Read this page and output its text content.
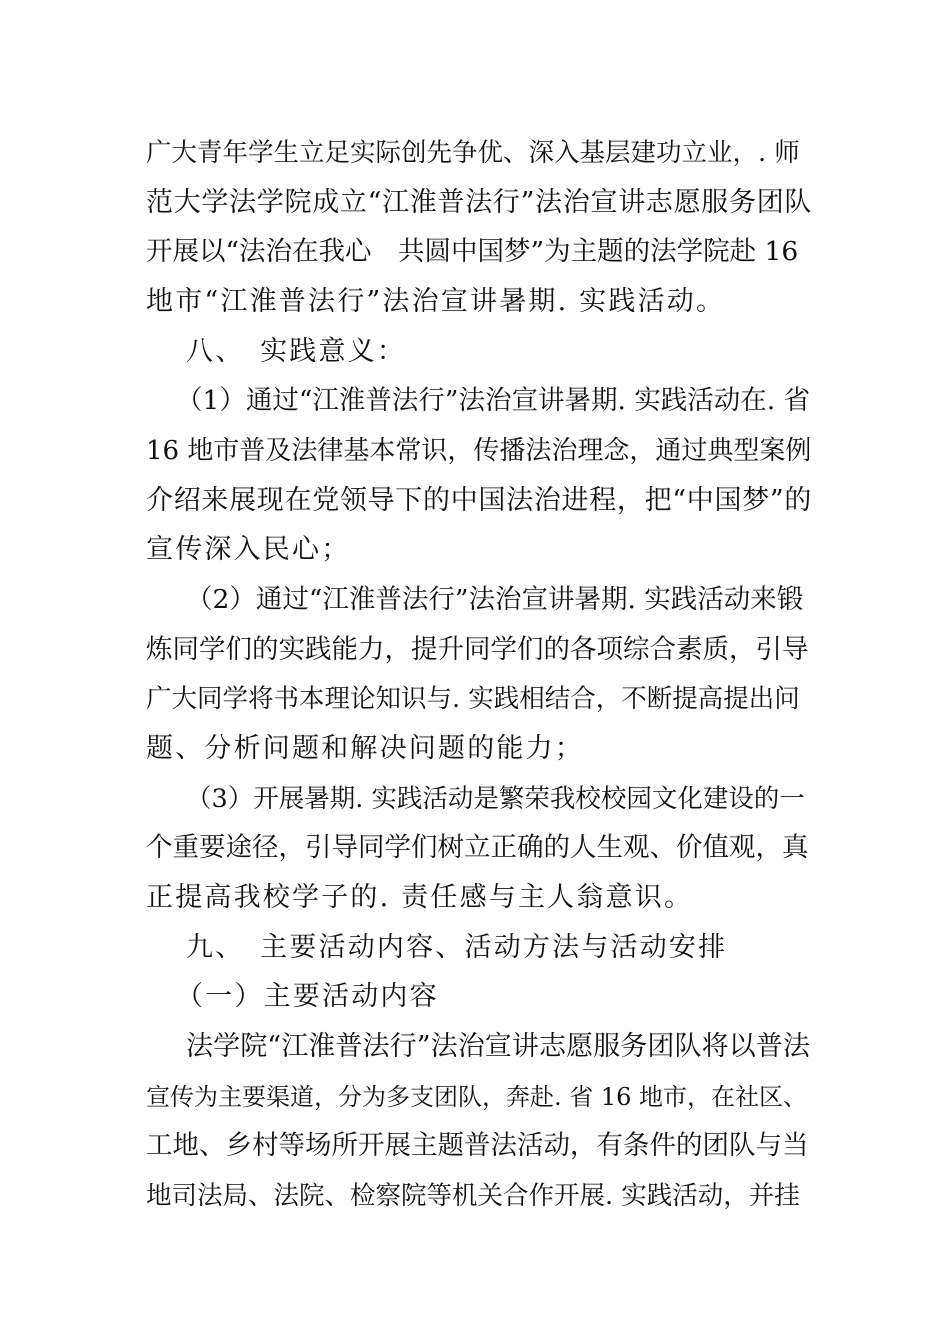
广大青年学生立足实际创先争优、深入基层建功立业，. 师
范大学法学院成立“江淮普法行”法治宣讲志愿服务团队
开展以“法治在我心　共圆中国梦”为主题的法学院赴 16
地市“江淮普法行”法治宣讲暑期. 实践活动。
八、　实践意义：
（1）通过“江淮普法行”法治宣讲暑期. 实践活动在. 省
16 地市普及法律基本常识，传播法治理念，通过典型案例
介绍来展现在党领导下的中国法治进程，把“中国梦”的
宣传深入民心；
（2）通过“江淮普法行”法治宣讲暑期. 实践活动来锻
炼同学们的实践能力，提升同学们的各项综合素质，引导
广大同学将书本理论知识与. 实践相结合，不断提高提出问
题、分析问题和解决问题的能力；
（3）开展暑期. 实践活动是繁荣我校校园文化建设的一
个重要途径，引导同学们树立正确的人生观、价值观，真
正提高我校学子的. 责任感与主人翁意识。
九、　主要活动内容、活动方法与活动安排
（一）主要活动内容
法学院“江淮普法行”法治宣讲志愿服务团队将以普法
宣传为主要渠道，分为多支团队，奔赴. 省 16 地市，在社区、
工地、乡村等场所开展主题普法活动，有条件的团队与当
地司法局、法院、检察院等机关合作开展. 实践活动，并挂
